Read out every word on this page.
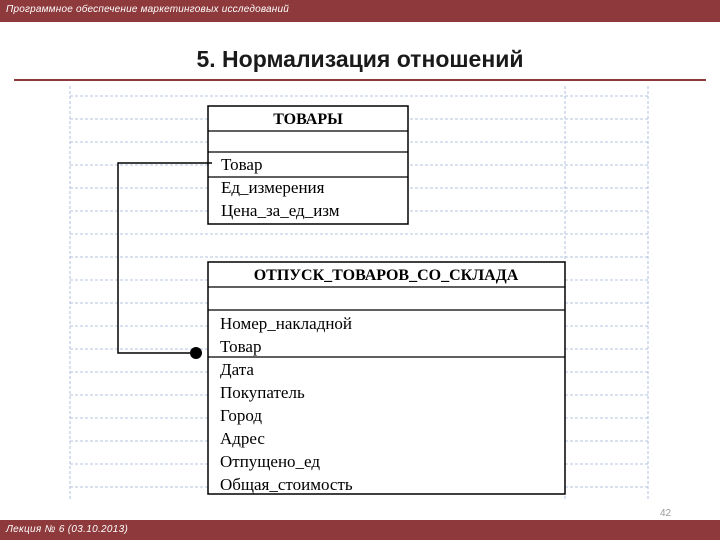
Программное обеспечение маркетинговых исследований
5. Нормализация отношений
ТОВАРЫ
Товар
Ед_измерения
Цена_за_ед_изм
ОТПУСК_ТОВАРОВ_СО_СКЛАДА
Номер_накладной
Товар
Дата
Покупатель
Город
Адрес
Отпущено_ед
Общая_стоимость
42
Лекция № 6 (03.10.2013)
